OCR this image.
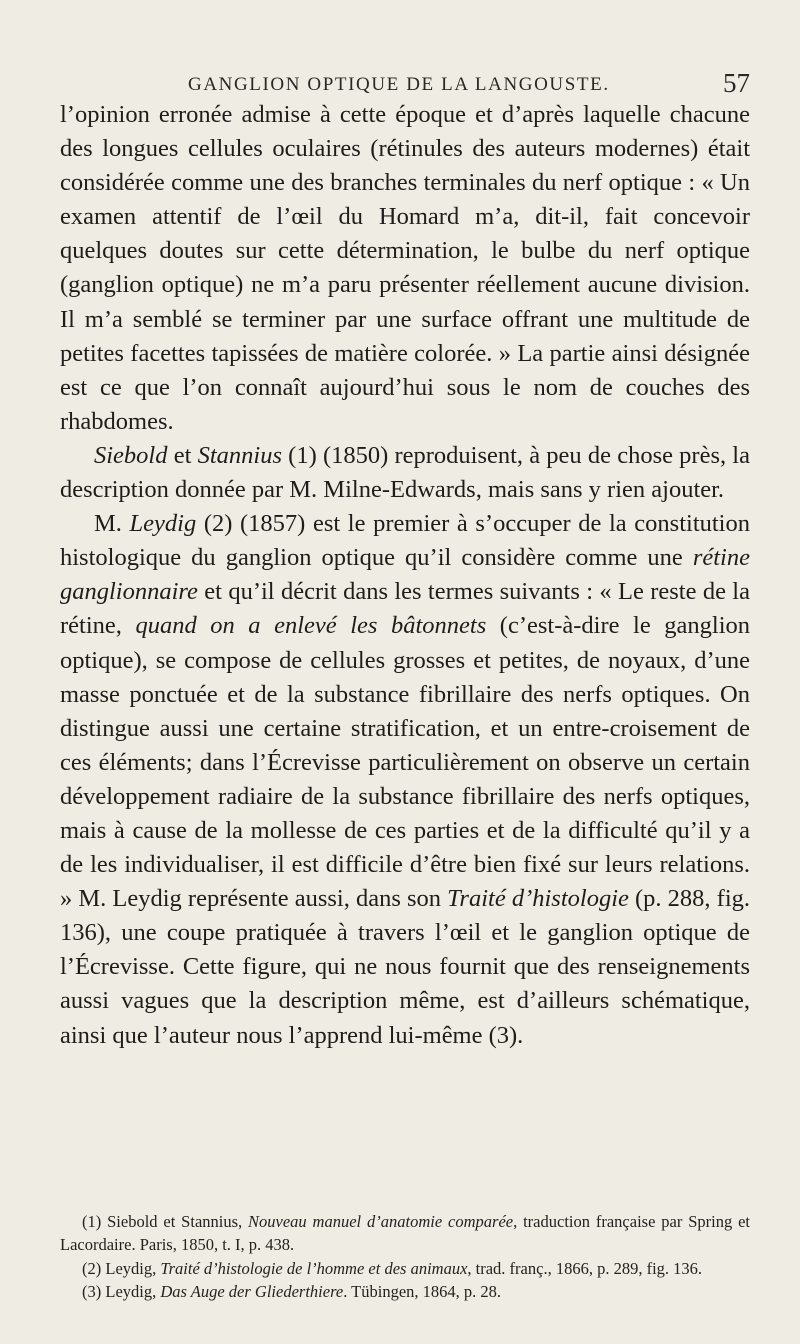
GANGLION OPTIQUE DE LA LANGOUSTE.	57

l’opinion erronée admise à cette époque et d’après laquelle chacune des longues cellules oculaires (rétinules des auteurs modernes) était considérée comme une des branches terminales du nerf optique : « Un examen attentif de l’œil du Homard m’a, dit-il, fait concevoir quelques doutes sur cette détermination, le bulbe du nerf optique (ganglion optique) ne m’a paru présenter réellement aucune division. Il m’a semblé se terminer par une surface offrant une multitude de petites facettes tapissées de matière colorée. » La partie ainsi désignée est ce que l’on connaît aujourd’hui sous le nom de couches des rhabdomes.

Siebold et Stannius (1) (1850) reproduisent, à peu de chose près, la description donnée par M. Milne-Edwards, mais sans y rien ajouter.

M. Leydig (2) (1857) est le premier à s’occuper de la constitution histologique du ganglion optique qu’il considère comme une rétine ganglionnaire et qu’il décrit dans les termes suivants : « Le reste de la rétine, quand on a enlevé les bâtonnets (c’est-à-dire le ganglion optique), se compose de cellules grosses et petites, de noyaux, d’une masse ponctuée et de la substance fibrillaire des nerfs optiques. On distingue aussi une certaine stratification, et un entre-croisement de ces éléments; dans l’Écrevisse particulièrement on observe un certain développement radiaire de la substance fibrillaire des nerfs optiques, mais à cause de la mollesse de ces parties et de la difficulté qu’il y a de les individualiser, il est difficile d’être bien fixé sur leurs relations. » M. Leydig représente aussi, dans son Traité d’histologie (p. 288, fig. 136), une coupe pratiquée à travers l’œil et le ganglion optique de l’Écrevisse. Cette figure, qui ne nous fournit que des renseignements aussi vagues que la description même, est d’ailleurs schématique, ainsi que l’auteur nous l’apprend lui-même (3).

(1) Siebold et Stannius, Nouveau manuel d’anatomie comparée, traduction française par Spring et Lacordaire. Paris, 1850, t. I, p. 438.

(2) Leydig, Traité d’histologie de l’homme et des animaux, trad. franç., 1866, p. 289, fig. 136.

(3) Leydig, Das Auge der Gliederthiere. Tübingen, 1864, p. 28.
